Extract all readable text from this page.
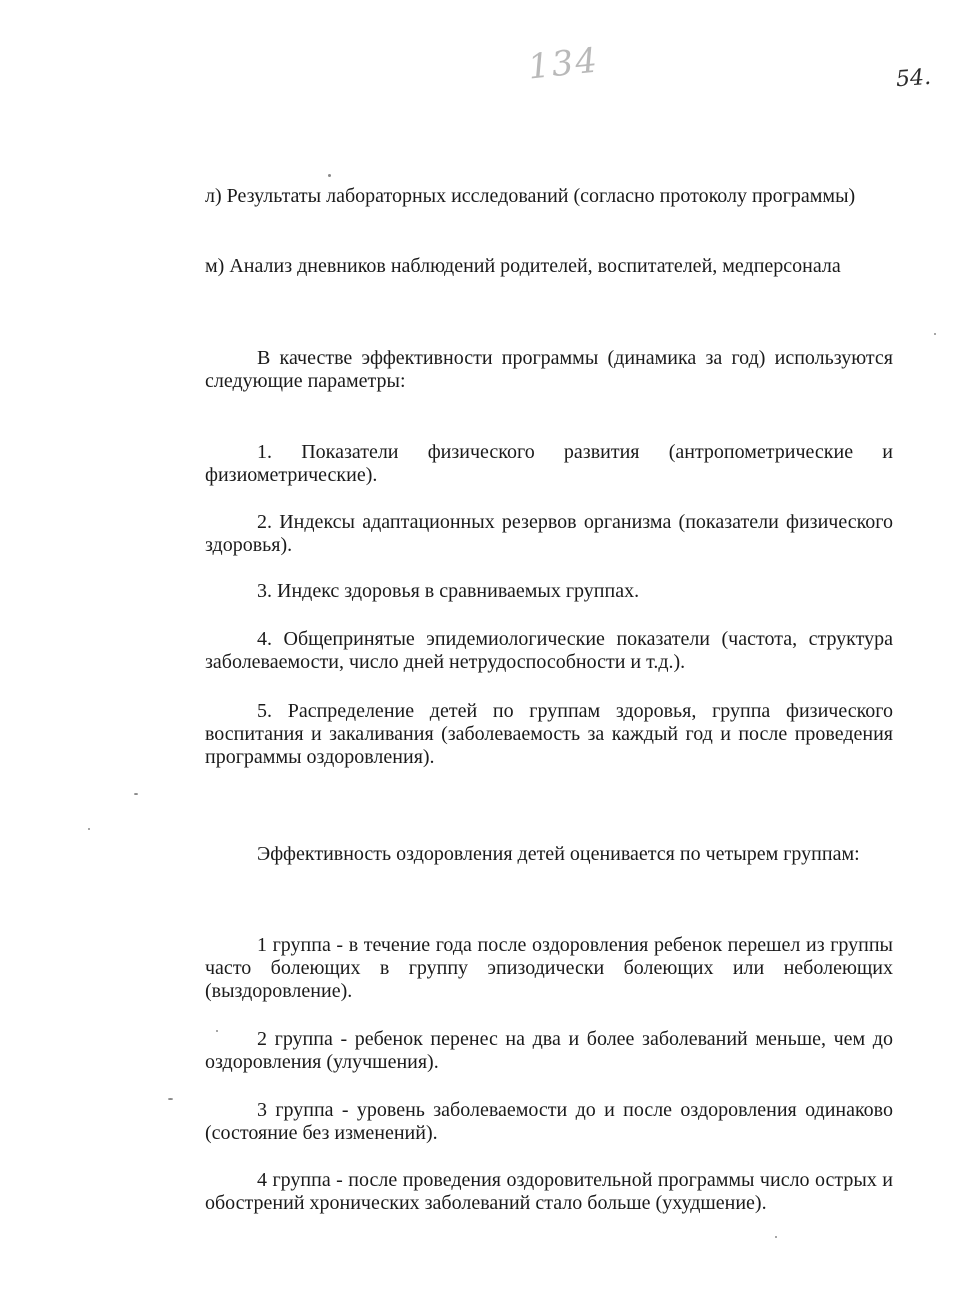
134	54.

л) Результаты лабораторных исследований (согласно протоколу программы)

м) Анализ дневников наблюдений родителей, воспитателей, медперсонала

В качестве эффективности программы (динамика за год) используются следующие параметры:

1. Показатели физического развития (антропометрические и физиометрические).

2. Индексы адаптационных резервов организма (показатели физического здоровья).

3. Индекс здоровья в сравниваемых группах.

4. Общепринятые эпидемиологические показатели (частота, структура заболеваемости, число дней нетрудоспособности и т.д.).

5. Распределение детей по группам здоровья, группа физического воспитания и закаливания (заболеваемость за каждый год и после проведения программы оздоровления).

Эффективность оздоровления детей оценивается по четырем группам:

1 группа - в течение года после оздоровления ребенок перешел из группы часто болеющих в группу эпизодически болеющих или неболеющих (выздоровление).

2 группа - ребенок перенес на два и более заболеваний меньше, чем до оздоровления (улучшения).

3 группа - уровень заболеваемости до и после оздоровления одинаково (состояние без изменений).

4 группа - после проведения оздоровительной программы число острых и обострений хронических заболеваний стало больше (ухудшение).
